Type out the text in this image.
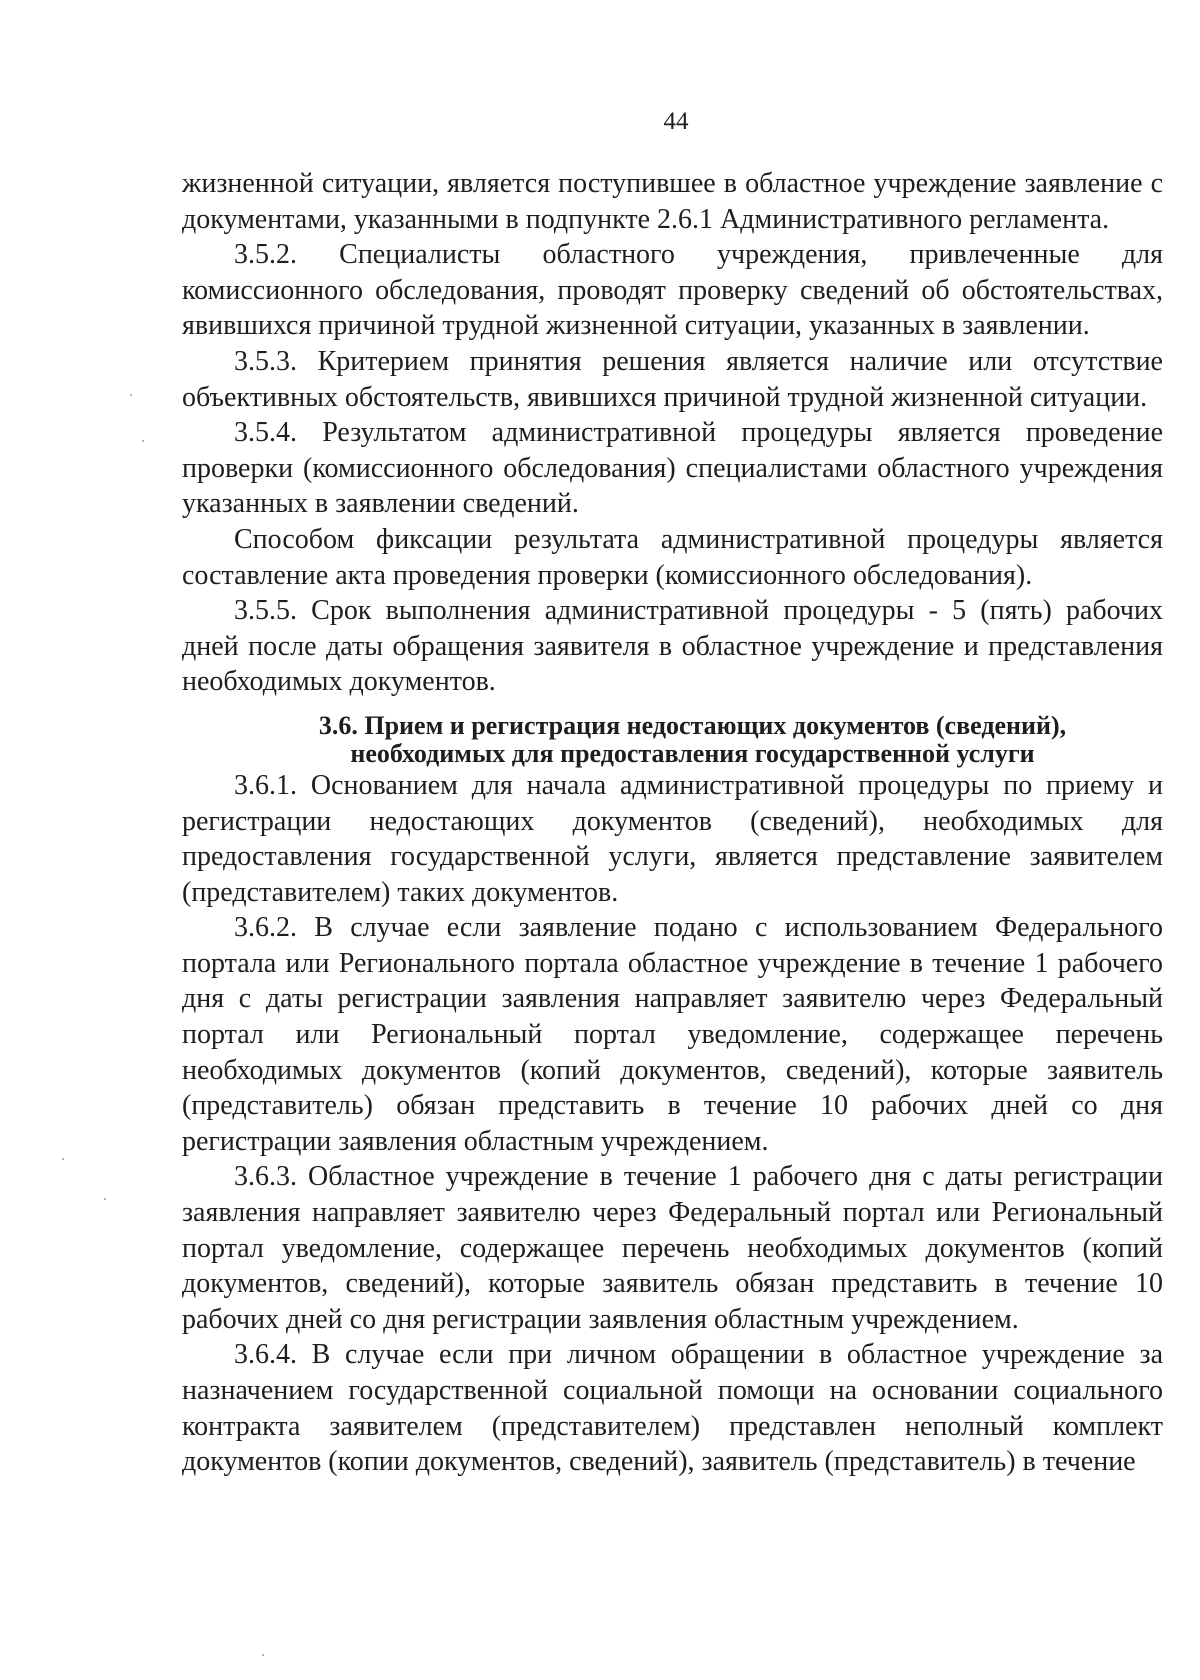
44

жизненной ситуации, является поступившее в областное учреждение заявление с документами, указанными в подпункте 2.6.1 Административного регламента.

3.5.2. Специалисты областного учреждения, привлеченные для комиссионного обследования, проводят проверку сведений об обстоятельствах, явившихся причиной трудной жизненной ситуации, указанных в заявлении.

3.5.3. Критерием принятия решения является наличие или отсутствие объективных обстоятельств, явившихся причиной трудной жизненной ситуации.

3.5.4. Результатом административной процедуры является проведение проверки (комиссионного обследования) специалистами областного учреждения указанных в заявлении сведений.

Способом фиксации результата административной процедуры является составление акта проведения проверки (комиссионного обследования).

3.5.5. Срок выполнения административной процедуры - 5 (пять) рабочих дней после даты обращения заявителя в областное учреждение и представления необходимых документов.

3.6. Прием и регистрация недостающих документов (сведений),
необходимых для предоставления государственной услуги

3.6.1. Основанием для начала административной процедуры по приему и регистрации недостающих документов (сведений), необходимых для предоставления государственной услуги, является представление заявителем (представителем) таких документов.

3.6.2. В случае если заявление подано с использованием Федерального портала или Регионального портала областное учреждение в течение 1 рабочего дня с даты регистрации заявления направляет заявителю через Федеральный портал или Региональный портал уведомление, содержащее перечень необходимых документов (копий документов, сведений), которые заявитель (представитель) обязан представить в течение 10 рабочих дней со дня регистрации заявления областным учреждением.

3.6.3. Областное учреждение в течение 1 рабочего дня с даты регистрации заявления направляет заявителю через Федеральный портал или Региональный портал уведомление, содержащее перечень необходимых документов (копий документов, сведений), которые заявитель обязан представить в течение 10 рабочих дней со дня регистрации заявления областным учреждением.

3.6.4. В случае если при личном обращении в областное учреждение за назначением государственной социальной помощи на основании социального контракта заявителем (представителем) представлен неполный комплект документов (копии документов, сведений), заявитель (представитель) в течение
